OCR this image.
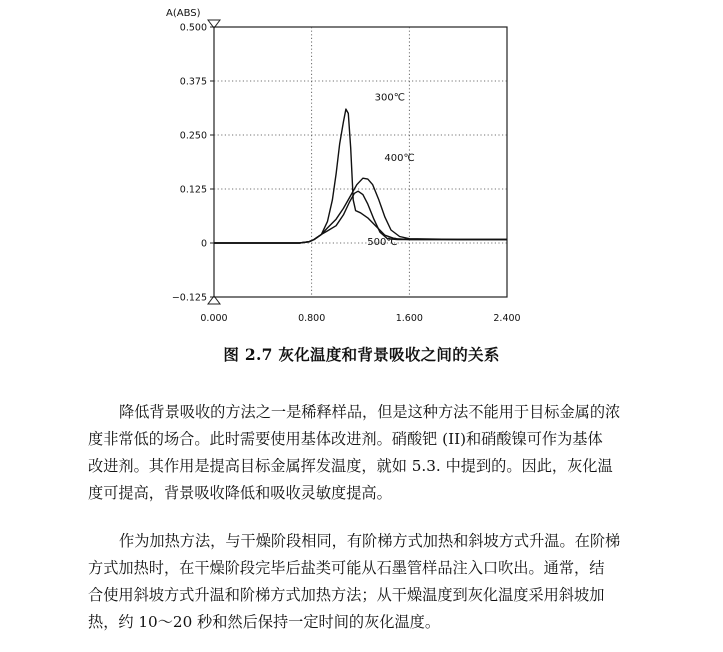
0.500
0.375
0.250
0.125
0
−0.125
0.000	0.800	1.600	2.400
A(ABS)
300℃
400℃
500℃
图 2.7 灰化温度和背景吸收之间的关系
降低背景吸收的方法之一是稀释样品，但是这种方法不能用于目标金属的浓
度非常低的场合。此时需要使用基体改进剂。硝酸钯 (II)和硝酸镍可作为基体
改进剂。其作用是提高目标金属挥发温度，就如 5.3. 中提到的。因此，灰化温
度可提高，背景吸收降低和吸收灵敏度提高。
作为加热方法，与干燥阶段相同，有阶梯方式加热和斜坡方式升温。在阶梯
方式加热时，在干燥阶段完毕后盐类可能从石墨管样品注入口吹出。通常，结
合使用斜坡方式升温和阶梯方式加热方法；从干燥温度到灰化温度采用斜坡加
热，约 10～20 秒和然后保持一定时间的灰化温度。
